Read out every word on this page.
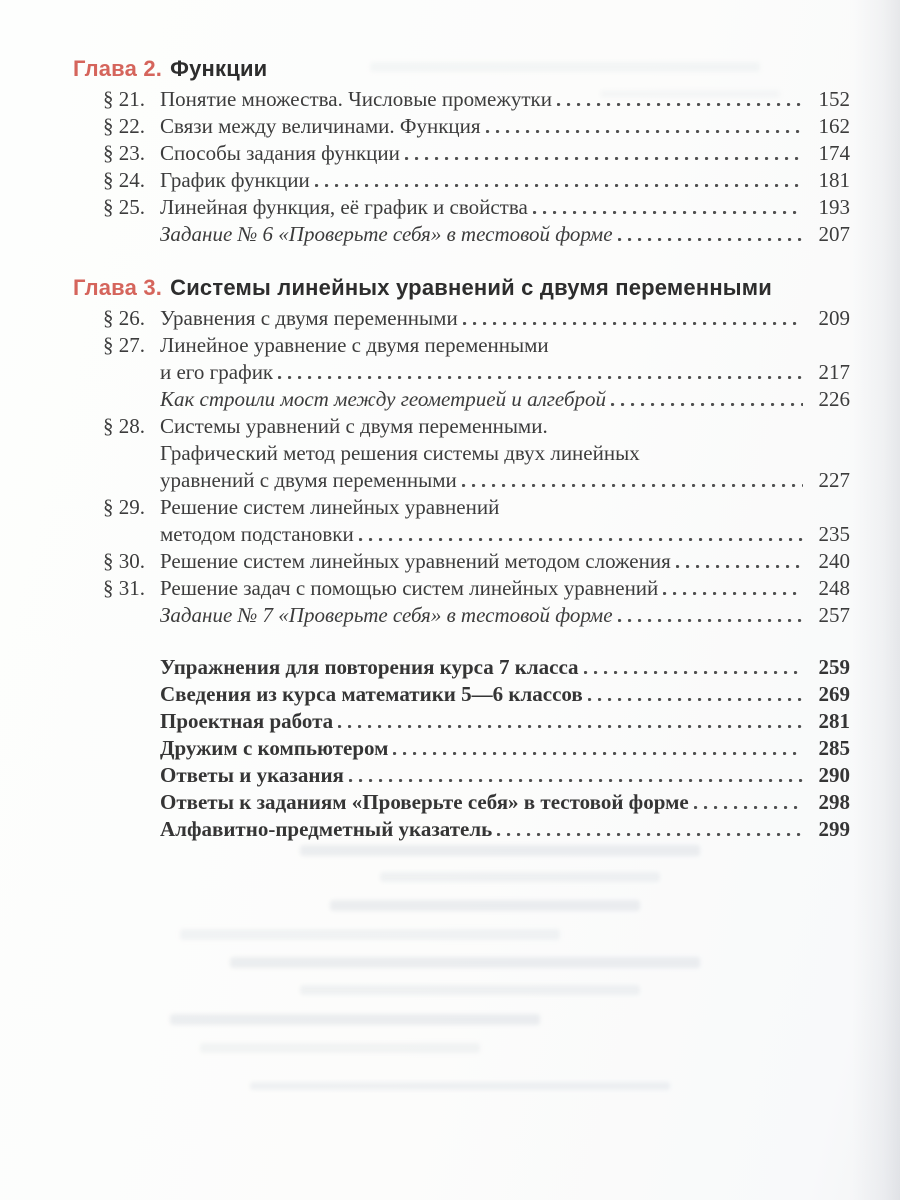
Глава 2. Функции
§ 21. Понятие множества. Числовые промежутки	152
§ 22. Связи между величинами. Функция	162
§ 23. Способы задания функции	174
§ 24. График функции	181
§ 25. Линейная функция, её график и свойства	193
Задание № 6 «Проверьте себя» в тестовой форме	207
Глава 3. Системы линейных уравнений с двумя переменными
§ 26. Уравнения с двумя переменными	209
§ 27. Линейное уравнение с двумя переменными
и его график	217
Как строили мост между геометрией и алгеброй	226
§ 28. Системы уравнений с двумя переменными.
Графический метод решения системы двух линейных
уравнений с двумя переменными	227
§ 29. Решение систем линейных уравнений
методом подстановки	235
§ 30. Решение систем линейных уравнений методом сложения	240
§ 31. Решение задач с помощью систем линейных уравнений	248
Задание № 7 «Проверьте себя» в тестовой форме	257
Упражнения для повторения курса 7 класса	259
Сведения из курса математики 5—6 классов	269
Проектная работа	281
Дружим с компьютером	285
Ответы и указания	290
Ответы к заданиям «Проверьте себя» в тестовой форме	298
Алфавитно-предметный указатель	299
